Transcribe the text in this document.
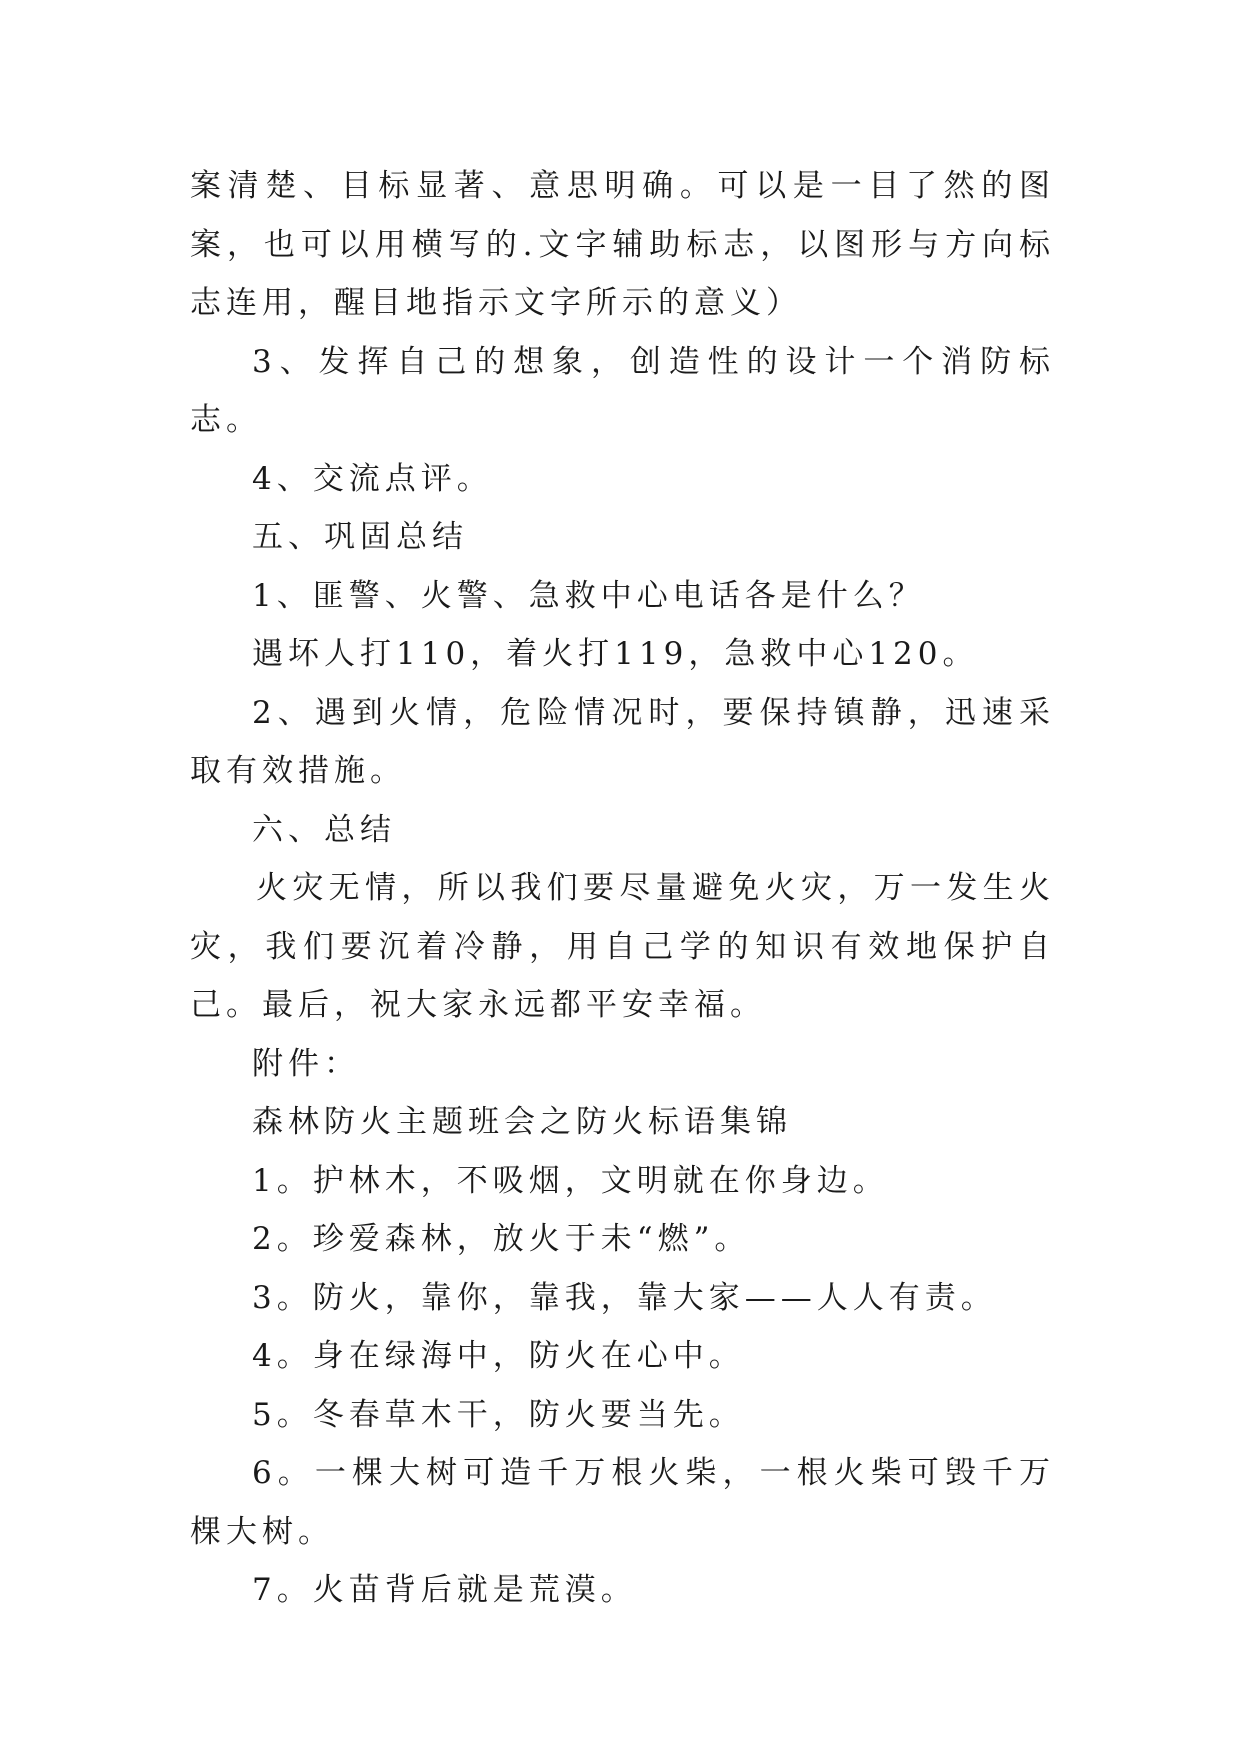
案清楚、目标显著、意思明确。可以是一目了然的图案，也可以用横写的.文字辅助标志，以图形与方向标志连用，醒目地指示文字所示的意义）

3、发挥自己的想象，创造性的设计一个消防标志。

4、交流点评。

五、巩固总结

1、匪警、火警、急救中心电话各是什么？

遇坏人打110，着火打119，急救中心120。

2、遇到火情，危险情况时，要保持镇静，迅速采取有效措施。

六、总结

火灾无情，所以我们要尽量避免火灾，万一发生火灾，我们要沉着冷静，用自己学的知识有效地保护自己。最后，祝大家永远都平安幸福。

附件：

森林防火主题班会之防火标语集锦

1。护林木，不吸烟，文明就在你身边。

2。珍爱森林，放火于未“燃”。

3。防火，靠你，靠我，靠大家——人人有责。

4。身在绿海中，防火在心中。

5。冬春草木干，防火要当先。

6。一棵大树可造千万根火柴，一根火柴可毁千万棵大树。

7。火苗背后就是荒漠。
